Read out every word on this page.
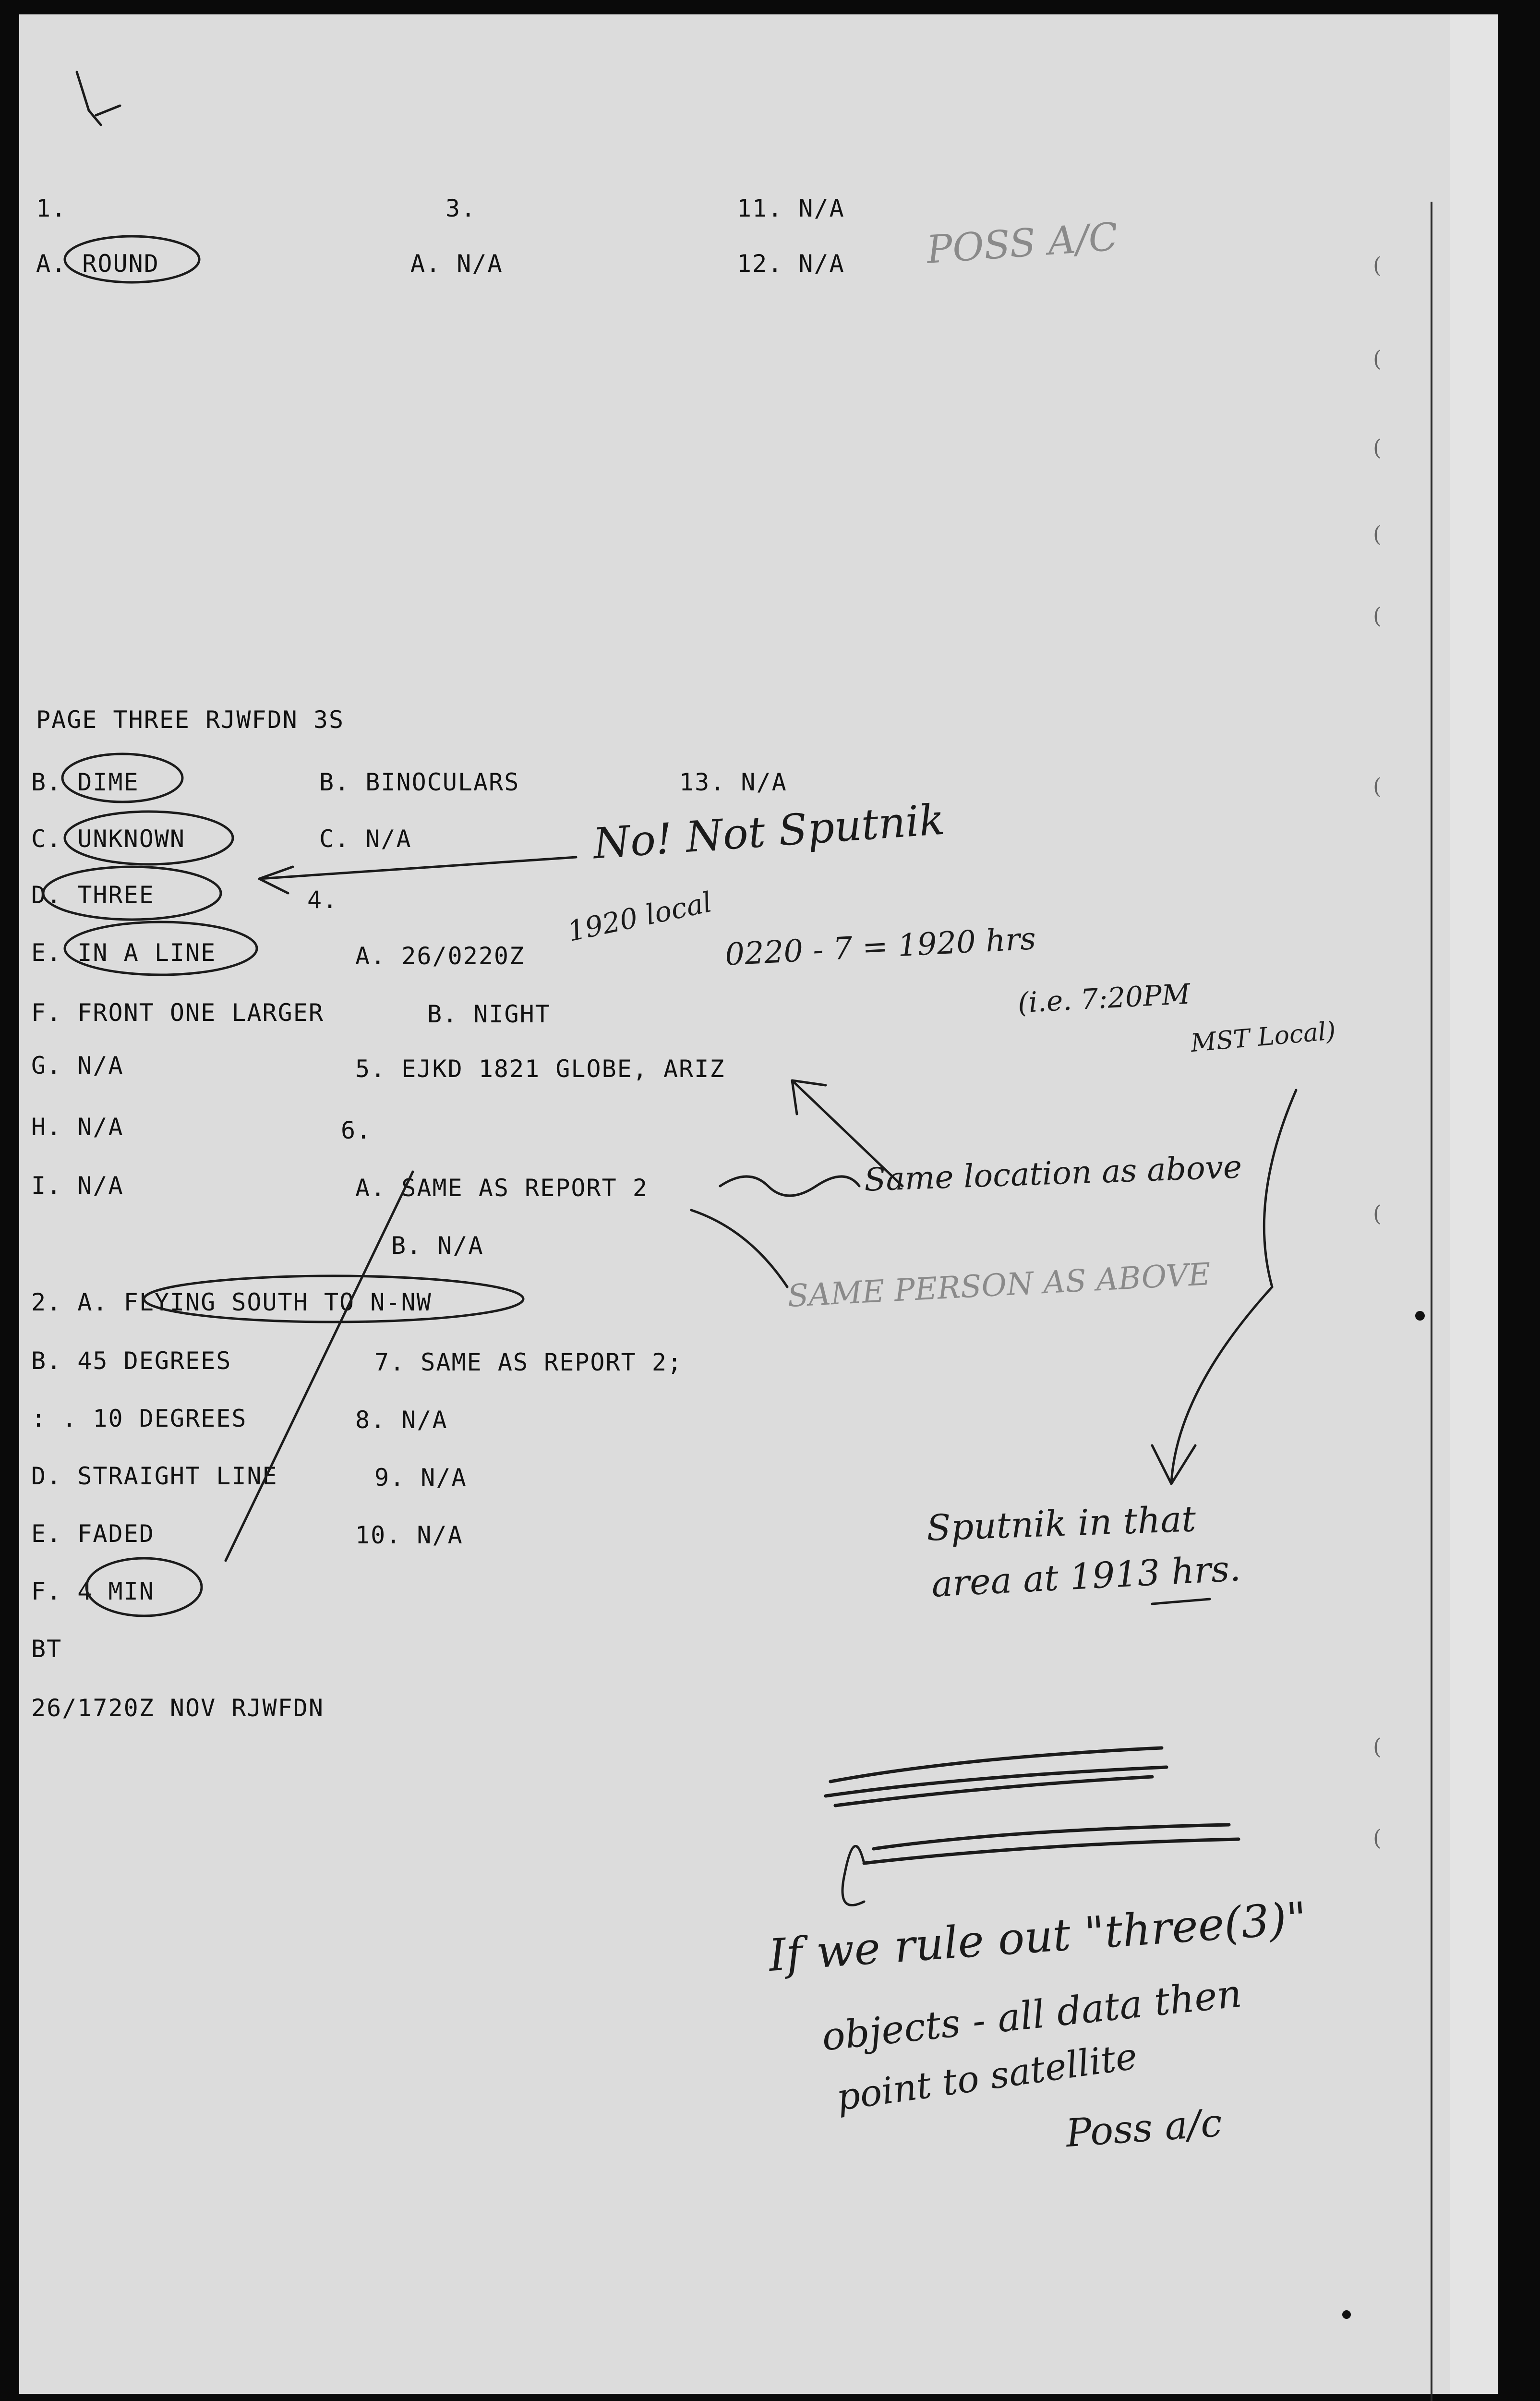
1.	3.	11. N/A
A. ROUND	A. N/A	12. N/A
PAGE THREE RJWFDN 3S
B. DIME	B. BINOCULARS	13. N/A
C. UNKNOWN	C. N/A
D. THREE	4.
E. IN A LINE	A. 26/0220Z
F. FRONT ONE LARGER	B. NIGHT
G. N/A	5. EJKD 1821 GLOBE, ARIZ
H. N/A	6.
I. N/A	A. SAME AS REPORT 2
B. N/A
2. A. FLYING SOUTH TO N-NW
B. 45 DEGREES	7. SAME AS REPORT 2;
: . 10 DEGREES	8. N/A
D. STRAIGHT LINE	9. N/A
E. FADED	10. N/A
F. 4 MIN
BT
26/1720Z NOV RJWFDN
POSS A/C
No! Not Sputnik
1920 local 0220 - 7 = 1920 hrs
(i.e. 7:20PM
MST Local)
Same location as above
SAME PERSON AS ABOVE
Sputnik in that
area at 1913 hrs.
If we rule out "three(3)"
objects - all data then
point to satellite
Poss a/c
(
(
(
(
(
(
(
(
(
